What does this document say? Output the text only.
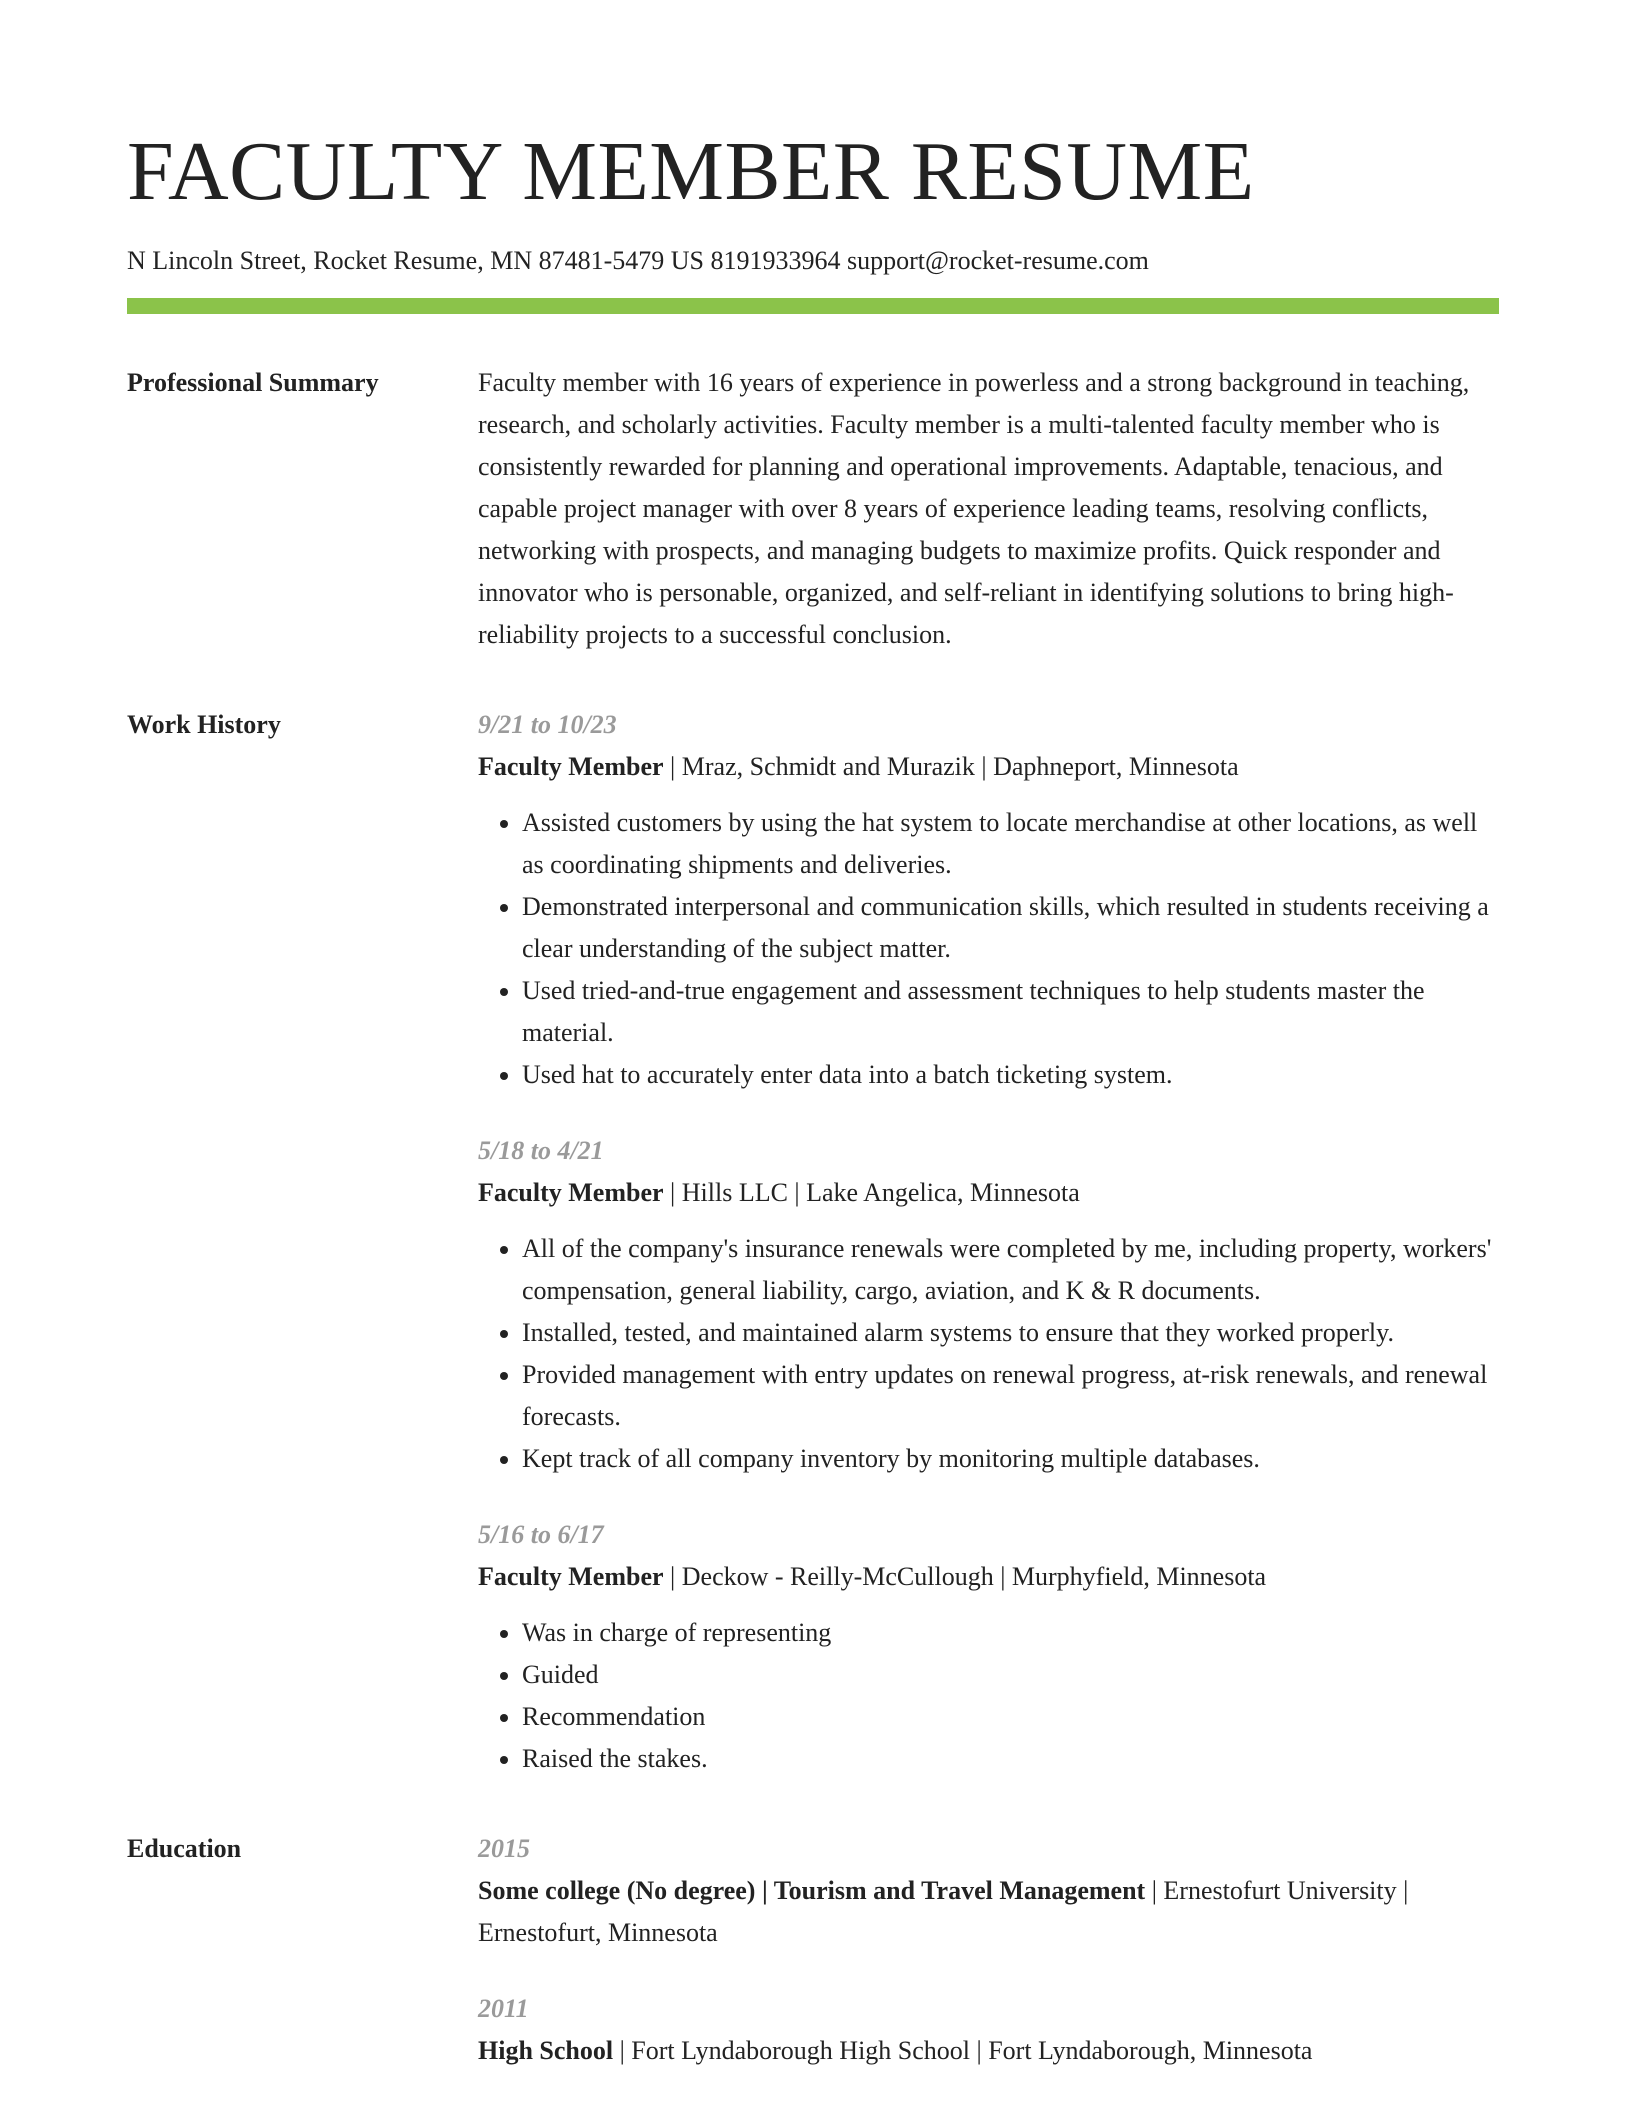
FACULTY MEMBER RESUME
N Lincoln Street, Rocket Resume, MN 87481-5479 US 8191933964 support@rocket-resume.com
Professional Summary	Faculty member with 16 years of experience in powerless and a strong background in teaching, research, and scholarly activities. Faculty member is a multi-talented faculty member who is consistently rewarded for planning and operational improvements. Adaptable, tenacious, and capable project manager with over 8 years of experience leading teams, resolving conflicts, networking with prospects, and managing budgets to maximize profits. Quick responder and innovator who is personable, organized, and self-reliant in identifying solutions to bring high-reliability projects to a successful conclusion.

Work History	9/21 to 10/23
Faculty Member | Mraz, Schmidt and Murazik | Daphneport, Minnesota
• Assisted customers by using the hat system to locate merchandise at other locations, as well as coordinating shipments and deliveries.
• Demonstrated interpersonal and communication skills, which resulted in students receiving a clear understanding of the subject matter.
• Used tried-and-true engagement and assessment techniques to help students master the material.
• Used hat to accurately enter data into a batch ticketing system.
5/18 to 4/21
Faculty Member | Hills LLC | Lake Angelica, Minnesota
• All of the company's insurance renewals were completed by me, including property, workers' compensation, general liability, cargo, aviation, and K & R documents.
• Installed, tested, and maintained alarm systems to ensure that they worked properly.
• Provided management with entry updates on renewal progress, at-risk renewals, and renewal forecasts.
• Kept track of all company inventory by monitoring multiple databases.
5/16 to 6/17
Faculty Member | Deckow - Reilly-McCullough | Murphyfield, Minnesota
• Was in charge of representing
• Guided
• Recommendation
• Raised the stakes.
Education	2015
Some college (No degree) | Tourism and Travel Management | Ernestofurt University | Ernestofurt, Minnesota
2011
High School | Fort Lyndaborough High School | Fort Lyndaborough, Minnesota
